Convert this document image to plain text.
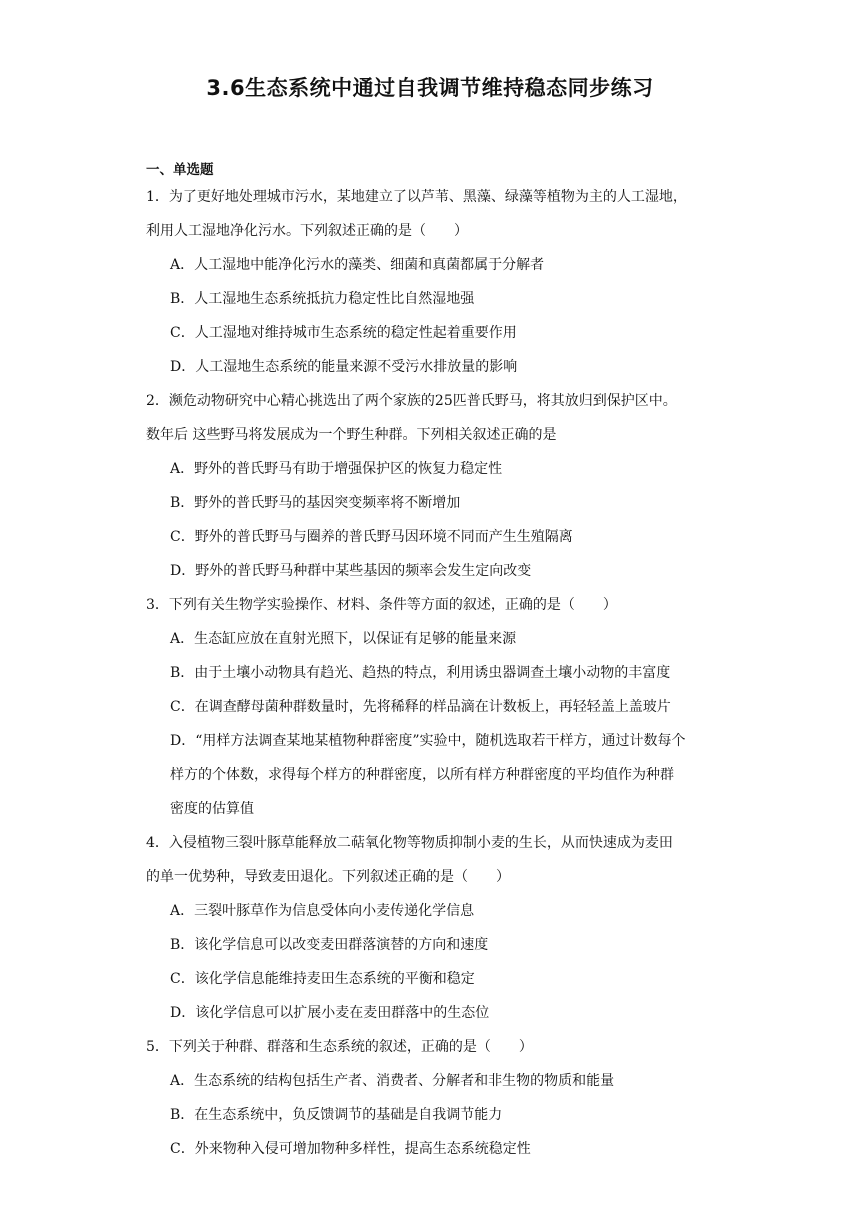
3.6生态系统中通过自我调节维持稳态同步练习
一、单选题
1．为了更好地处理城市污水，某地建立了以芦苇、黑藻、绿藻等植物为主的人工湿地，
利用人工湿地净化污水。下列叙述正确的是（　　）
A．人工湿地中能净化污水的藻类、细菌和真菌都属于分解者
B．人工湿地生态系统抵抗力稳定性比自然湿地强
C．人工湿地对维持城市生态系统的稳定性起着重要作用
D．人工湿地生态系统的能量来源不受污水排放量的影响
2．濒危动物研究中心精心挑选出了两个家族的25匹普氏野马，将其放归到保护区中。
数年后 这些野马将发展成为一个野生种群。下列相关叙述正确的是
A．野外的普氏野马有助于增强保护区的恢复力稳定性
B．野外的普氏野马的基因突变频率将不断增加
C．野外的普氏野马与圈养的普氏野马因环境不同而产生生殖隔离
D．野外的普氏野马种群中某些基因的频率会发生定向改变
3．下列有关生物学实验操作、材料、条件等方面的叙述，正确的是（　　）
A．生态缸应放在直射光照下，以保证有足够的能量来源
B．由于土壤小动物具有趋光、趋热的特点，利用诱虫器调查土壤小动物的丰富度
C．在调查酵母菌种群数量时，先将稀释的样品滴在计数板上，再轻轻盖上盖玻片
D．“用样方法调查某地某植物种群密度”实验中，随机选取若干样方，通过计数每个
样方的个体数，求得每个样方的种群密度，以所有样方种群密度的平均值作为种群
密度的估算值
4．入侵植物三裂叶豚草能释放二萜氧化物等物质抑制小麦的生长，从而快速成为麦田
的单一优势种，导致麦田退化。下列叙述正确的是（　　）
A．三裂叶豚草作为信息受体向小麦传递化学信息
B．该化学信息可以改变麦田群落演替的方向和速度
C．该化学信息能维持麦田生态系统的平衡和稳定
D．该化学信息可以扩展小麦在麦田群落中的生态位
5．下列关于种群、群落和生态系统的叙述，正确的是（　　）
A．生态系统的结构包括生产者、消费者、分解者和非生物的物质和能量
B．在生态系统中，负反馈调节的基础是自我调节能力
C．外来物种入侵可增加物种多样性，提高生态系统稳定性
